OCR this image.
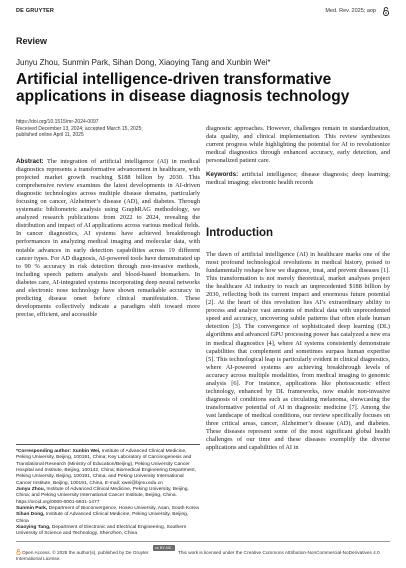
DE GRUYTER	Med. Rev. 2025; aop
Review
Junyu Zhou, Sunmin Park, Sihan Dong, Xiaoying Tang and Xunbin Wei*
Artificial intelligence-driven transformative applications in disease diagnosis technology
https://doi.org/10.1515/mr-2024-0097
Received December 13, 2024; accepted March 15, 2025;
published online April 11, 2025
Abstract: The integration of artificial intelligence (AI) in medical diagnostics represents a transformative advancement in healthcare, with projected market growth reaching $188 billion by 2030. This comprehensive review examines the latest developments in AI-driven diagnostic technologies across multiple disease domains, particularly focusing on cancer, Alzheimer’s disease (AD), and diabetes. Through systematic bibliometric analysis using GraphRAG methodology, we analyzed research publications from 2022 to 2024, revealing the distribution and impact of AI applications across various medical fields. In cancer diagnostics, AI systems have achieved breakthrough performances in analyzing medical imaging and molecular data, with notable advances in early detection capabilities across 19 different cancer types. For AD diagnosis, AI-powered tools have demonstrated up to 90 % accuracy in risk detection through non-invasive methods, including speech pattern analysis and blood-based biomarkers. In diabetes care, AI-integrated systems incorporating deep neural networks and electronic nose technology have shown remarkable accuracy in predicting disease onset before clinical manifestation. These developments collectively indicate a paradigm shift toward more precise, efficient, and accessible
diagnostic approaches. However, challenges remain in standardization, data quality, and clinical implementation. This review synthesizes current progress while highlighting the potential for AI to revolutionize medical diagnostics through enhanced accuracy, early detection, and personalized patient care.
Keywords: artificial intelligence; disease diagnosis; deep learning; medical imaging; electronic health records
Introduction
The dawn of artificial intelligence (AI) in healthcare marks one of the most profound technological revolutions in medical history, poised to fundamentally reshape how we diagnose, treat, and prevent diseases [1]. This transformation is not merely theoretical, market analyses project the healthcare AI industry to reach an unprecedented $188 billion by 2030, reflecting both its current impact and enormous future potential [2]. At the heart of this revolution lies AI’s extraordinary ability to process and analyze vast amounts of medical data with unprecedented speed and accuracy, uncovering subtle patterns that often elude human detection [3]. The convergence of sophisticated deep learning (DL) algorithms and advanced GPU processing power has catalyzed a new era in medical diagnostics [4], where AI systems consistently demonstrate capabilities that complement and sometimes surpass human expertise [5]. This technological leap is particularly evident in clinical diagnostics, where AI-powered systems are achieving breakthrough levels of accuracy across multiple modalities, from medical imaging to genomic analysis [6]. For instance, applications like photoacoustic effect technology, enhanced by DL frameworks, now enable non-invasive diagnosis of conditions such as circulating melanoma, showcasing the transformative potential of AI in diagnostic medicine [7]. Among the vast landscape of medical conditions, our review specifically focuses on three critical areas, cancer, Alzheimer’s disease (AD), and diabetes. These diseases represent some of the most significant global health challenges of our time and these diseases exemplify the diverse applications and capabilities of AI in
*Corresponding author: Xunbin Wei, Institute of Advanced Clinical Medicine, Peking University, Beijing, 100191, China; Key Laboratory of Carcinogenesis and Translational Research (Ministry of Education/Beijing), Peking University Cancer Hospital and Institute, Beijing, 100142, China; Biomedical Engineering Department, Peking University, Beijing, 100191, China; and Peking University International Cancer Institute, Beijing, 100191, China, E-mail: xwei@bjmu.edu.cn
Junyu Zhou, Institute of Advanced Clinical Medicine, Peking University, Beijing, China; and Peking University International Cancer Institute, Beijing, China. https://orcid.org/0000-0001-5931-1477
Sunmin Park, Department of Bioconvergence, Hoseo University, Asan, South Korea
Sihan Dong, Institute of Advanced Clinical Medicine, Peking University, Beijing, China
Xiaoying Tang, Department of Electronic and Electrical Engineering, Southern University of Science and Technology, Shenzhen, China
Open Access. © 2025 the author(s), published by De Gruyter. cc BY-NC-ND This work is licensed under the Creative Commons Attribution-NonCommercial-NoDerivatives 4.0 International License.
